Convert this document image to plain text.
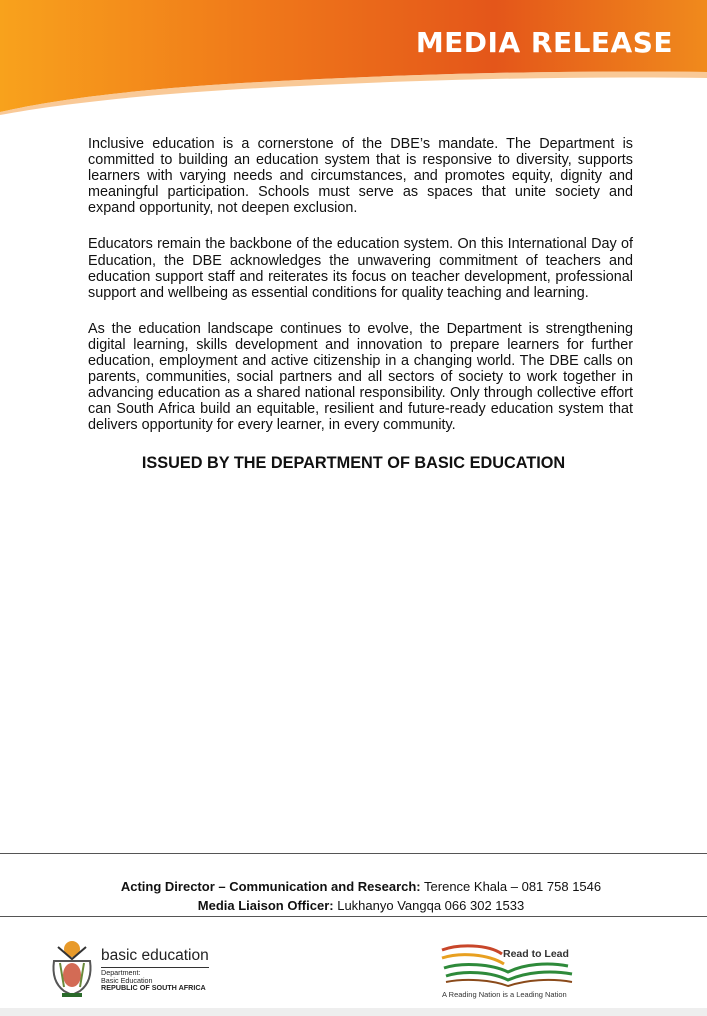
MEDIA RELEASE

Inclusive education is a cornerstone of the DBE’s mandate. The Department is committed to building an education system that is responsive to diversity, supports learners with varying needs and circumstances, and promotes equity, dignity and meaningful participation. Schools must serve as spaces that unite society and expand opportunity, not deepen exclusion.

Educators remain the backbone of the education system. On this International Day of Education, the DBE acknowledges the unwavering commitment of teachers and education support staff and reiterates its focus on teacher development, professional support and wellbeing as essential conditions for quality teaching and learning.

As the education landscape continues to evolve, the Department is strengthening digital learning, skills development and innovation to prepare learners for further education, employment and active citizenship in a changing world. The DBE calls on parents, communities, social partners and all sectors of society to work together in advancing education as a shared national responsibility. Only through collective effort can South Africa build an equitable, resilient and future-ready education system that delivers opportunity for every learner, in every community.

ISSUED BY THE DEPARTMENT OF BASIC EDUCATION
Acting Director – Communication and Research: Terence Khala – 081 758 1546
Media Liaison Officer: Lukhanyo Vangqa 066 302 1533
basic education
Department:
Basic Education
REPUBLIC OF SOUTH AFRICA
Read to Lead
A Reading Nation is a Leading Nation
